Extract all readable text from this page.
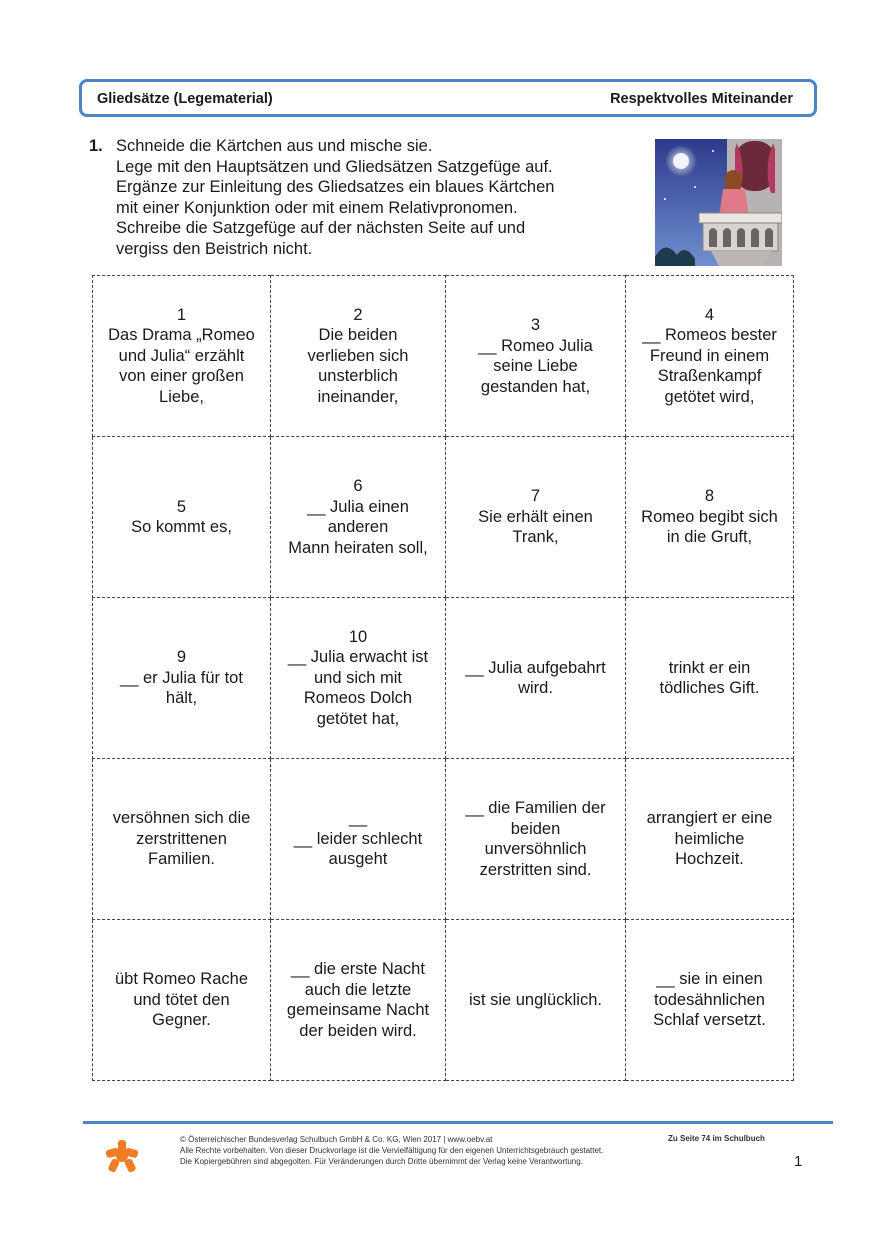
Gliedsätze (Legematerial)	Respektvolles Miteinander
1. Schneide die Kärtchen aus und mische sie.
Lege mit den Hauptsätzen und Gliedsätzen Satzgefüge auf.
Ergänze zur Einleitung des Gliedsatzes ein blaues Kärtchen
mit einer Konjunktion oder mit einem Relativpronomen.
Schreibe die Satzgefüge auf der nächsten Seite auf und
vergiss den Beistrich nicht.
1
Das Drama „Romeo
und Julia“ erzählt
von einer großen
Liebe,	2
Die beiden
verlieben sich
unsterblich
ineinander,	3
__ Romeo Julia
seine Liebe
gestanden hat,	4
__ Romeos bester
Freund in einem
Straßenkampf
getötet wird,

5
So kommt es,	6
__ Julia einen
anderen
Mann heiraten soll,	7
Sie erhält einen
Trank,	8
Romeo begibt sich
in die Gruft,

9
__ er Julia für tot
hält,	10
__ Julia erwacht ist
und sich mit
Romeos Dolch
getötet hat,	__ Julia aufgebahrt
wird.	trinkt er ein
tödliches Gift.

versöhnen sich die
zerstrittenen
Familien.	__
__ leider schlecht
ausgeht	__ die Familien der
beiden
unversöhnlich
zerstritten sind.	arrangiert er eine
heimliche
Hochzeit.

übt Romeo Rache
und tötet den
Gegner.	__ die erste Nacht
auch die letzte
gemeinsame Nacht
der beiden wird.	ist sie unglücklich.	__ sie in einen
todesähnlichen
Schlaf versetzt.
© Österreichischer Bundesverlag Schulbuch GmbH & Co. KG, Wien 2017 | www.oebv.at
Alle Rechte vorbehalten. Von dieser Druckvorlage ist die Vervielfältigung für den eigenen Unterrichtsgebrauch gestattet.
Die Kopiergebühren sind abgegolten. Für Veränderungen durch Dritte übernimmt der Verlag keine Verantwortung.
Zu Seite 74 im Schulbuch
1
